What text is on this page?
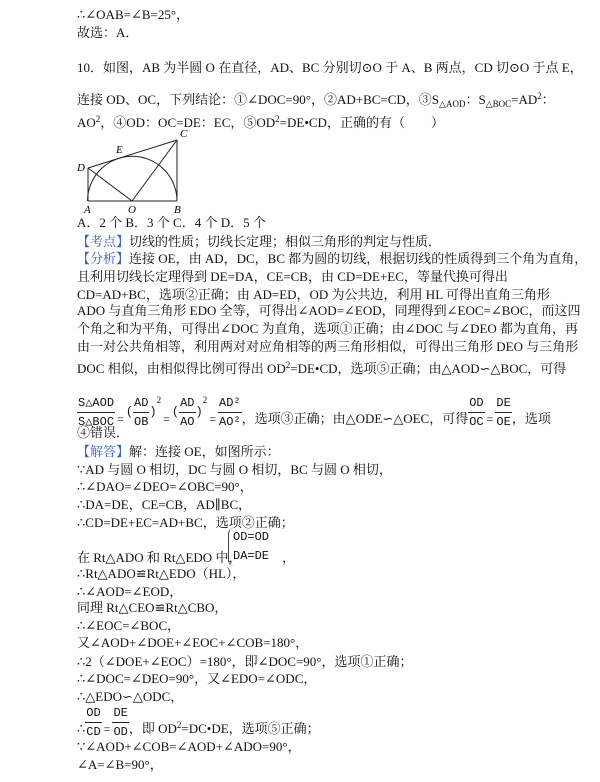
∴∠OAB=∠B=25°，
故选：A．
10．如图，AB 为半圆 O 在直径，AD、BC 分别切⊙O 于 A、B 两点，CD 切⊙O 于点 E，
连接 OD、OC，下列结论：①∠DOC=90°，②AD+BC=CD，$③S_{\triangle AOD}$：$S_{\triangle BOC}=AD^2$：
$AO^2$，④OD：OC=DE：EC，$⑤OD^2=DE•CD$，正确的有（　　）
C
E
D
A	O	B
A．2 个 B．3 个 C．4 个 D．5 个
【考点】切线的性质；切线长定理；相似三角形的判定与性质．
【分析】连接 OE，由 AD，DC，BC 都为圆的切线，根据切线的性质得到三个角为直角，
且利用切线长定理得到 DE=DA，CE=CB，由 CD=DE+EC，等量代换可得出
CD=AD+BC，选项②正确；由 AD=ED，OD 为公共边，利用 HL 可得出直角三角形
ADO 与直角三角形 EDO 全等，可得出∠AOD=∠EOD，同理得到∠EOC=∠BOC，而这四
个角之和为平角，可得出∠DOC 为直角，选项①正确；由∠DOC 与∠DEO 都为直角，再
由一对公共角相等，利用两对对应角相等的两三角形相似，可得出三角形 DEO 与三角形
DOC 相似，由相似得比例可得出 $OD^2=DE•CD$，选项⑤正确；由△AOD∽△BOC，可得
$\frac{\text{S△AOD}}{\text{S△BOC}}$ = ( $\frac{AD}{OB} )^2=$ ( $\frac{AD}{AO} )^2= \frac{\text{AD²}}{\text{AO²}}$ ，选项③正确；由△ODE∽△OEC，可得 $\frac{OD}{OC} = \frac{DE}{OE}$ ，选项
④错误．
【解答】解：连接 OE，如图所示：
∵AD 与圆 O 相切，DC 与圆 O 相切，BC 与圆 O 相切，
∴∠DAO=∠DEO=∠OBC=90°，
∴DA=DE，CE=CB，AD∥BC，
∴CD=DE+EC=AD+BC，选项②正确；
在 Rt△ADO 和 Rt△EDO 中，
OD=OD
DA=DE ，
∴Rt△ADO≌Rt△EDO（HL），
∴∠AOD=∠EOD，
同理 Rt△CEO≌Rt△CBO，
∴∠EOC=∠BOC，
又∠AOD+∠DOE+∠EOC+∠COB=180°，
∴2（∠DOE+∠EOC）=180°，即∠DOC=90°，选项①正确；
∴∠DOC=∠DEO=90°，又∠EDO=∠ODC，
∴△EDO∽△ODC，
∴ $\frac{OD}{CD} = \frac{DE}{OD}$ ，即 $OD^2=DC•DE$，选项⑤正确；
∵∠AOD+∠COB=∠AOD+∠ADO=90°，
∠A=∠B=90°，
